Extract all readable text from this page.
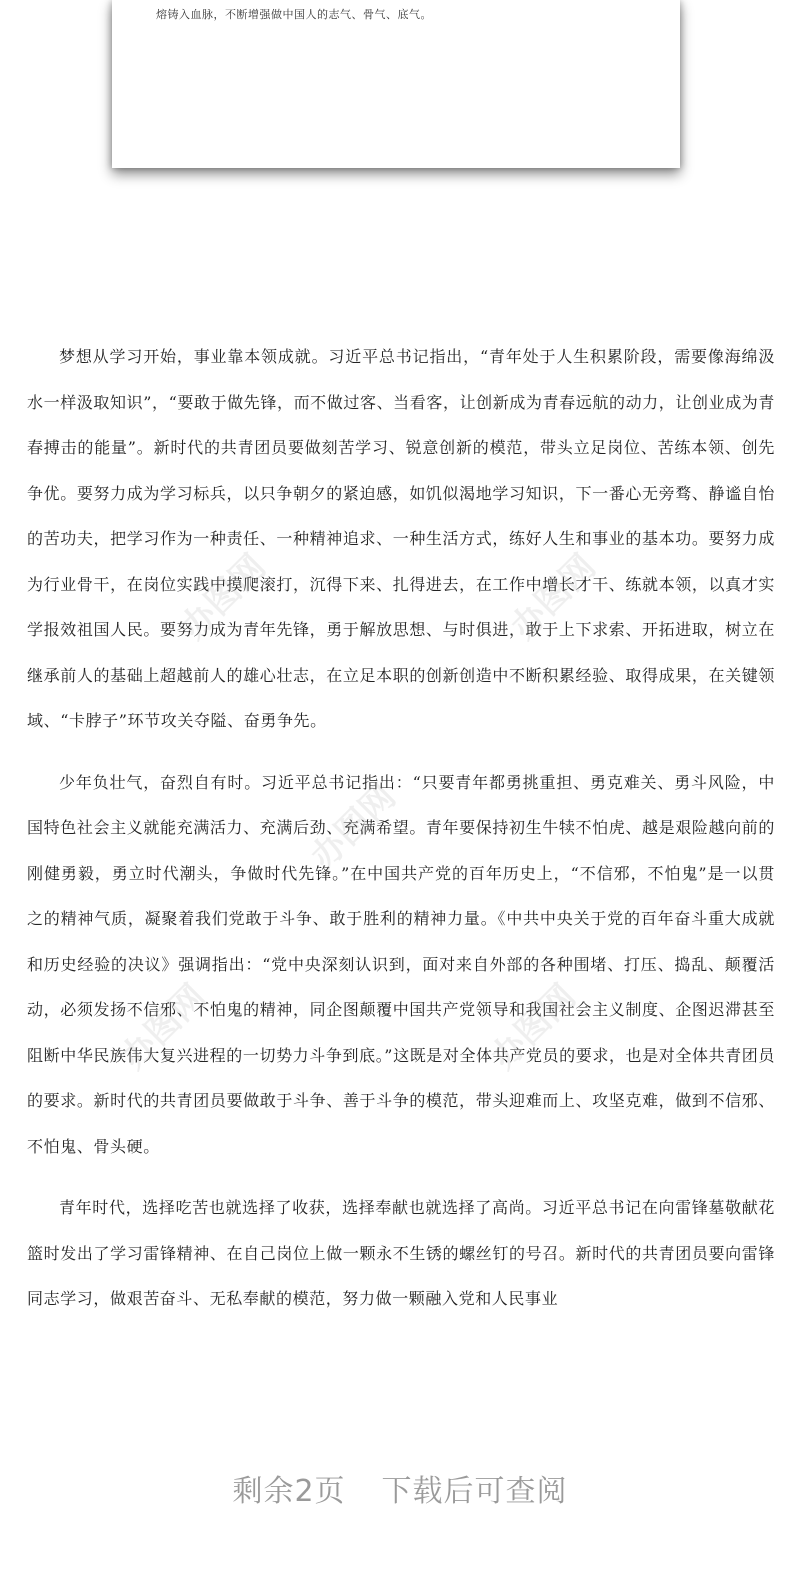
熔铸入血脉，不断增强做中国人的志气、骨气、底气。

梦想从学习开始，事业靠本领成就。习近平总书记指出，“青年处于人生积累阶段，需要像海绵汲水一样汲取知识”，“要敢于做先锋，而不做过客、当看客，让创新成为青春远航的动力，让创业成为青春搏击的能量”。新时代的共青团员要做刻苦学习、锐意创新的模范，带头立足岗位、苦练本领、创先争优。要努力成为学习标兵，以只争朝夕的紧迫感，如饥似渴地学习知识，下一番心无旁骛、静谧自怡的苦功夫，把学习作为一种责任、一种精神追求、一种生活方式，练好人生和事业的基本功。要努力成为行业骨干，在岗位实践中摸爬滚打，沉得下来、扎得进去，在工作中增长才干、练就本领，以真才实学报效祖国人民。要努力成为青年先锋，勇于解放思想、与时俱进，敢于上下求索、开拓进取，树立在继承前人的基础上超越前人的雄心壮志，在立足本职的创新创造中不断积累经验、取得成果，在关键领域、“卡脖子”环节攻关夺隘、奋勇争先。

少年负壮气，奋烈自有时。习近平总书记指出：“只要青年都勇挑重担、勇克难关、勇斗风险，中国特色社会主义就能充满活力、充满后劲、充满希望。青年要保持初生牛犊不怕虎、越是艰险越向前的刚健勇毅，勇立时代潮头，争做时代先锋。”在中国共产党的百年历史上，“不信邪，不怕鬼”是一以贯之的精神气质，凝聚着我们党敢于斗争、敢于胜利的精神力量。《中共中央关于党的百年奋斗重大成就和历史经验的决议》强调指出：“党中央深刻认识到，面对来自外部的各种围堵、打压、捣乱、颠覆活动，必须发扬不信邪、不怕鬼的精神，同企图颠覆中国共产党领导和我国社会主义制度、企图迟滞甚至阻断中华民族伟大复兴进程的一切势力斗争到底。”这既是对全体共产党员的要求，也是对全体共青团员的要求。新时代的共青团员要做敢于斗争、善于斗争的模范，带头迎难而上、攻坚克难，做到不信邪、不怕鬼、骨头硬。

青年时代，选择吃苦也就选择了收获，选择奉献也就选择了高尚。习近平总书记在向雷锋墓敬献花篮时发出了学习雷锋精神、在自己岗位上做一颗永不生锈的螺丝钉的号召。新时代的共青团员要向雷锋同志学习，做艰苦奋斗、无私奉献的模范，努力做一颗融入党和人民事业

办图网	办图网
办图网
办图网	办图网
剩余2页 下载后可查阅
